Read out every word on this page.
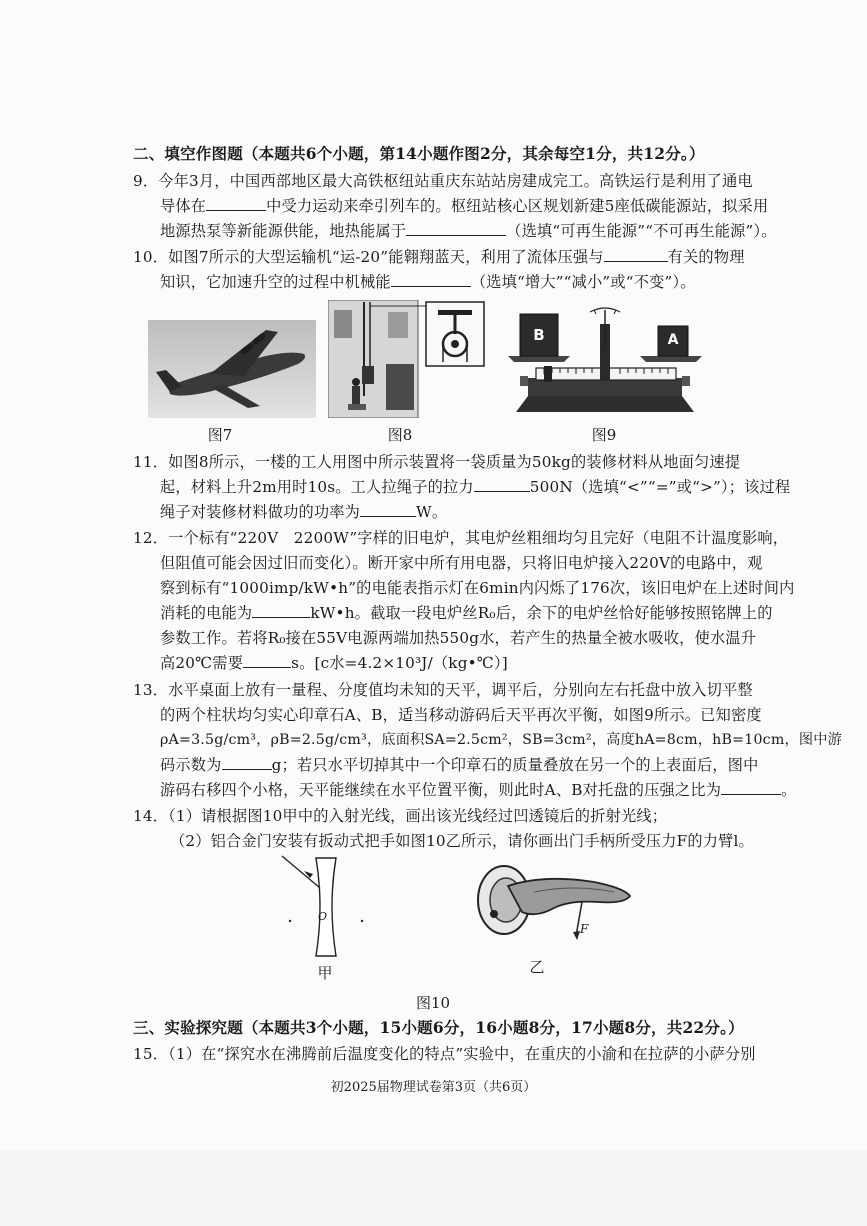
二、填空作图题（本题共6个小题，第14小题作图2分，其余每空1分，共12分。）
9．今年3月，中国西部地区最大高铁枢纽站重庆东站站房建成完工。高铁运行是利用了通电
导体在	中受力运动来牵引列车的。枢纽站核心区规划新建5座低碳能源站，拟采用
地源热泵等新能源供能，地热能属于	（选填“可再生能源”“不可再生能源”）。
10．如图7所示的大型运输机“运-20”能翱翔蓝天，利用了流体压强与	有关的物理
知识，它加速升空的过程中机械能	（选填“增大”“减小”或“不变”）。
图7	图8
B	A
图9
11．如图8所示，一楼的工人用图中所示装置将一袋质量为50kg的装修材料从地面匀速提
起，材料上升2m用时10s。工人拉绳子的拉力	500N（选填“<”“=”或“>”）；该过程
绳子对装修材料做功的功率为	W。
12．一个标有“220V　2200W”字样的旧电炉，其电炉丝粗细均匀且完好（电阻不计温度影响，
但阻值可能会因过旧而变化）。断开家中所有用电器，只将旧电炉接入220V的电路中，观
察到标有“1000imp/kW•h”的电能表指示灯在6min内闪烁了176次，该旧电炉在上述时间内
消耗的电能为	kW•h。截取一段电炉丝R₀后，余下的电炉丝恰好能够按照铭牌上的
参数工作。若将R₀接在55V电源两端加热550g水，若产生的热量全被水吸收，使水温升
高20℃需要	s。[c水=4.2×10³J/（kg•℃）]
13．水平桌面上放有一量程、分度值均未知的天平，调平后，分别向左右托盘中放入切平整
的两个柱状均匀实心印章石A、B，适当移动游码后天平再次平衡，如图9所示。已知密度
ρA=3.5g/cm³，ρB=2.5g/cm³，底面积SA=2.5cm²，SB=3cm²，高度hA=8cm，hB=10cm，图中游
码示数为	g；若只水平切掉其中一个印章石的质量叠放在另一个的上表面后，图中
游码右移四个小格，天平能继续在水平位置平衡，则此时A、B对托盘的压强之比为	。
14．（1）请根据图10甲中的入射光线，画出该光线经过凹透镜后的折射光线；
（2）铝合金门安装有扳动式把手如图10乙所示，请你画出门手柄所受压力F的力臂l。
O
甲
F
乙
图10
三、实验探究题（本题共3个小题，15小题6分，16小题8分，17小题8分，共22分。）
15．（1）在“探究水在沸腾前后温度变化的特点”实验中，在重庆的小渝和在拉萨的小萨分别
初2025届物理试卷第3页（共6页）
